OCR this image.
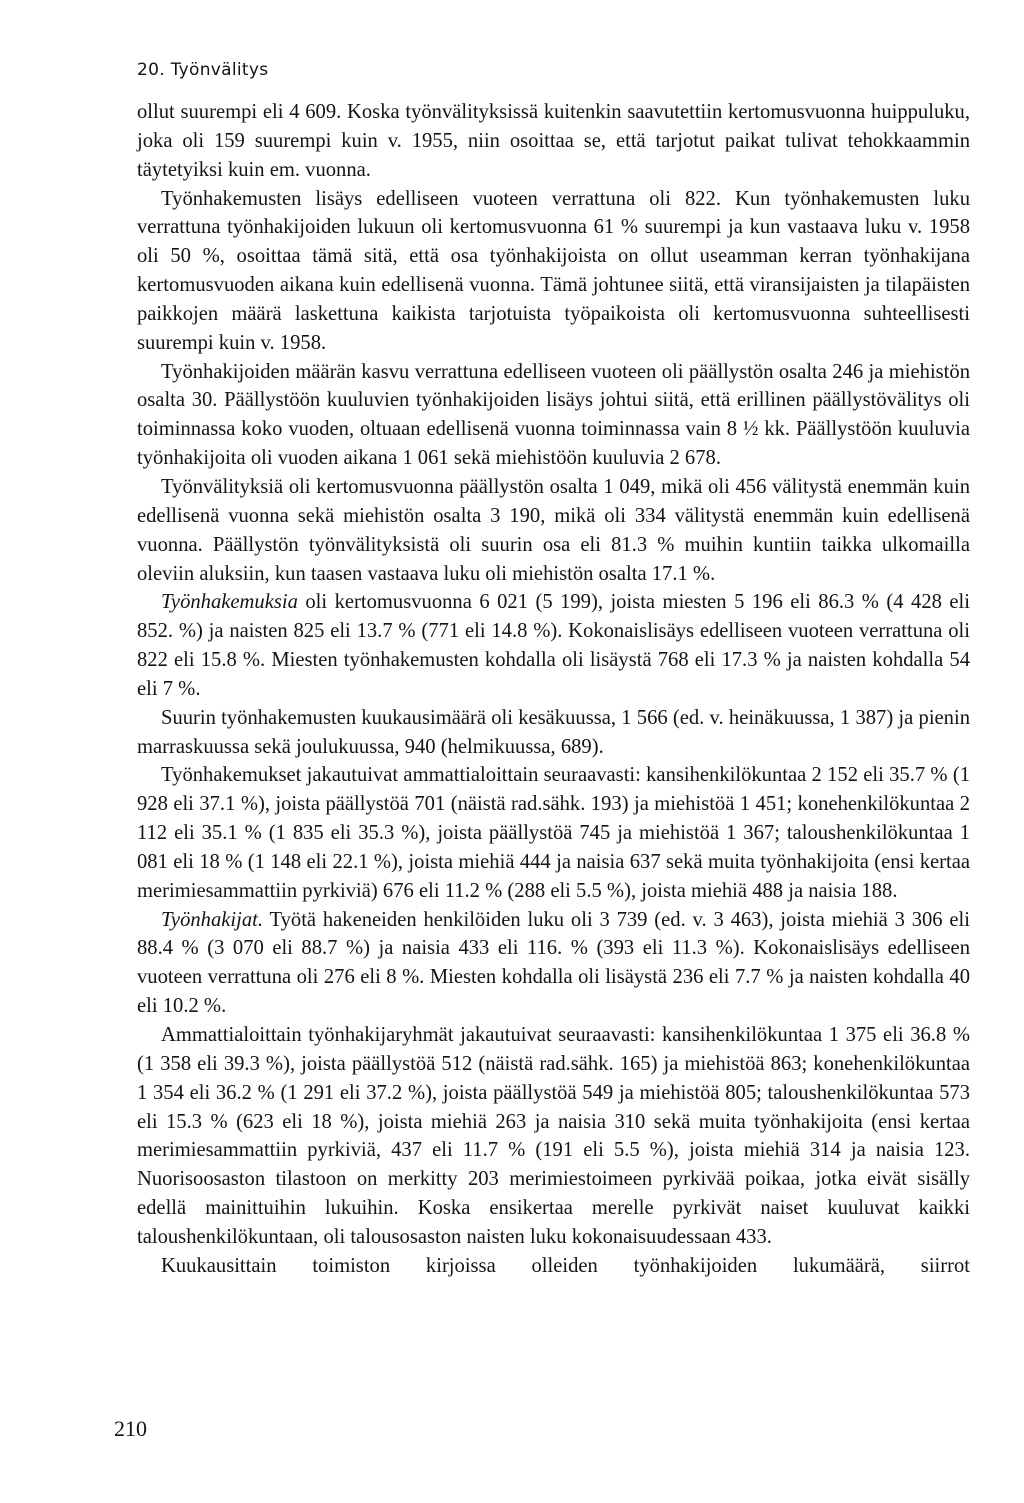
20. Työnvälitys

ollut suurempi eli 4 609. Koska työnvälityksissä kuitenkin saavutettiin kertomusvuonna huippuluku, joka oli 159 suurempi kuin v. 1955, niin osoittaa se, että tarjotut paikat tulivat tehokkaammin täytetyiksi kuin em. vuonna.

Työnhakemusten lisäys edelliseen vuoteen verrattuna oli 822. Kun työnhakemusten luku verrattuna työnhakijoiden lukuun oli kertomusvuonna 61 % suurempi ja kun vastaava luku v. 1958 oli 50 %, osoittaa tämä sitä, että osa työnhakijoista on ollut useamman kerran työnhakijana kertomusvuoden aikana kuin edellisenä vuonna. Tämä johtunee siitä, että viransijaisten ja tilapäisten paikkojen määrä laskettuna kaikista tarjotuista työpaikoista oli kertomusvuonna suhteellisesti suurempi kuin v. 1958.

Työnhakijoiden määrän kasvu verrattuna edelliseen vuoteen oli päällystön osalta 246 ja miehistön osalta 30. Päällystöön kuuluvien työnhakijoiden lisäys johtui siitä, että erillinen päällystövälitys oli toiminnassa koko vuoden, oltuaan edellisenä vuonna toiminnassa vain 8 ½ kk. Päällystöön kuuluvia työnhakijoita oli vuoden aikana 1 061 sekä miehistöön kuuluvia 2 678.

Työnvälityksiä oli kertomusvuonna päällystön osalta 1 049, mikä oli 456 välitystä enemmän kuin edellisenä vuonna sekä miehistön osalta 3 190, mikä oli 334 välitystä enemmän kuin edellisenä vuonna. Päällystön työnvälityksistä oli suurin osa eli 81.3 % muihin kuntiin taikka ulkomailla oleviin aluksiin, kun taasen vastaava luku oli miehistön osalta 17.1 %.

Työnhakemuksia oli kertomusvuonna 6 021 (5 199), joista miesten 5 196 eli 86.3 % (4 428 eli 852. %) ja naisten 825 eli 13.7 % (771 eli 14.8 %). Kokonaislisäys edelliseen vuoteen verrattuna oli 822 eli 15.8 %. Miesten työnhakemusten kohdalla oli lisäystä 768 eli 17.3 % ja naisten kohdalla 54 eli 7 %.

Suurin työnhakemusten kuukausimäärä oli kesäkuussa, 1 566 (ed. v. heinäkuussa, 1 387) ja pienin marraskuussa sekä joulukuussa, 940 (helmikuussa, 689).

Työnhakemukset jakautuivat ammattialoittain seuraavasti: kansihenkilökuntaa 2 152 eli 35.7 % (1 928 eli 37.1 %), joista päällystöä 701 (näistä rad.sähk. 193) ja miehistöä 1 451; konehenkilökuntaa 2 112 eli 35.1 % (1 835 eli 35.3 %), joista päällystöä 745 ja miehistöä 1 367; taloushenkilökuntaa 1 081 eli 18 % (1 148 eli 22.1 %), joista miehiä 444 ja naisia 637 sekä muita työnhakijoita (ensi kertaa merimiesammattiin pyrkiviä) 676 eli 11.2 % (288 eli 5.5 %), joista miehiä 488 ja naisia 188.

Työnhakijat. Työtä hakeneiden henkilöiden luku oli 3 739 (ed. v. 3 463), joista miehiä 3 306 eli 88.4 % (3 070 eli 88.7 %) ja naisia 433 eli 116. % (393 eli 11.3 %). Kokonaislisäys edelliseen vuoteen verrattuna oli 276 eli 8 %. Miesten kohdalla oli lisäystä 236 eli 7.7 % ja naisten kohdalla 40 eli 10.2 %.

Ammattialoittain työnhakijaryhmät jakautuivat seuraavasti: kansihenkilökuntaa 1 375 eli 36.8 % (1 358 eli 39.3 %), joista päällystöä 512 (näistä rad.sähk. 165) ja miehistöä 863; konehenkilökuntaa 1 354 eli 36.2 % (1 291 eli 37.2 %), joista päällystöä 549 ja miehistöä 805; taloushenkilökuntaa 573 eli 15.3 % (623 eli 18 %), joista miehiä 263 ja naisia 310 sekä muita työnhakijoita (ensi kertaa merimiesammattiin pyrkiviä, 437 eli 11.7 % (191 eli 5.5 %), joista miehiä 314 ja naisia 123. Nuorisoosaston tilastoon on merkitty 203 merimiestoimeen pyrkivää poikaa, jotka eivät sisälly edellä mainittuihin lukuihin. Koska ensikertaa merelle pyrkivät naiset kuuluvat kaikki taloushenkilökuntaan, oli talousosaston naisten luku kokonaisuudessaan 433.

Kuukausittain toimiston kirjoissa olleiden työnhakijoiden lukumäärä, siirrot

210
